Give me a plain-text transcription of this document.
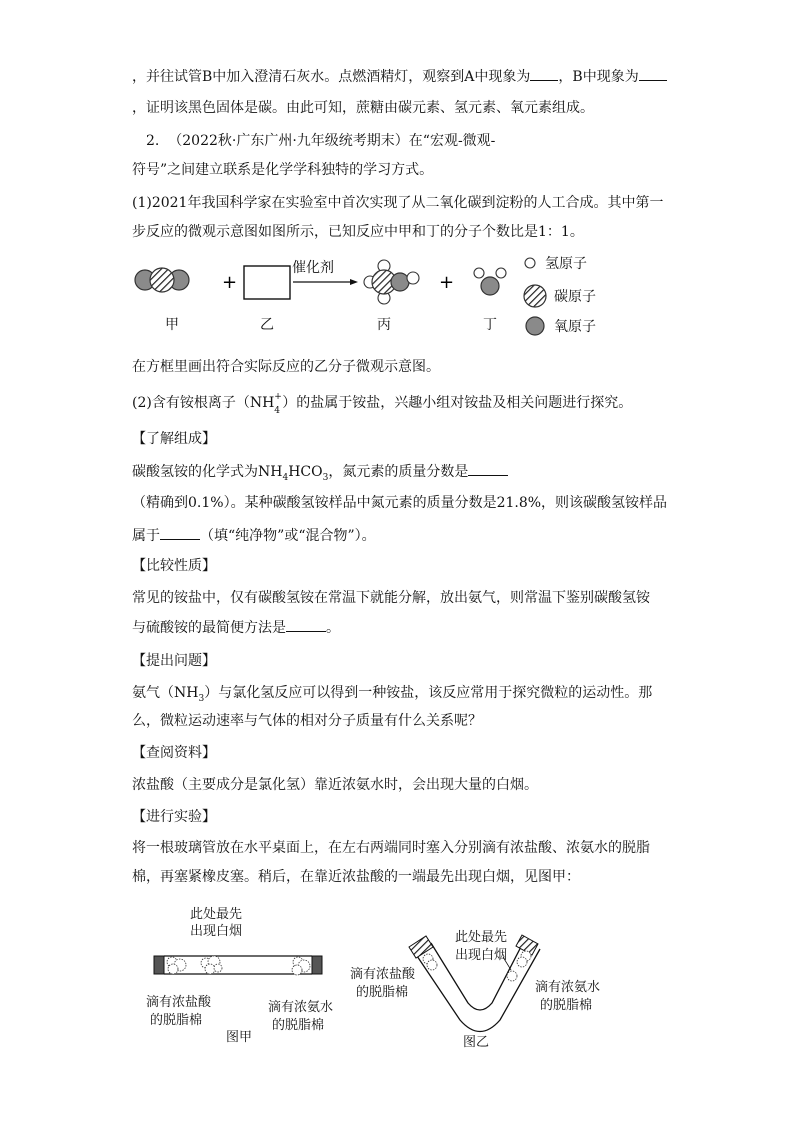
，并往试管B中加入澄清石灰水。点燃酒精灯，观察到A中现象为 ，B中现象为
，证明该黑色固体是碳。由此可知，蔗糖由碳元素、氢元素、氧元素组成。
2. （2022秋·广东广州·九年级统考期末）在“宏观-微观-
符号”之间建立联系是化学学科独特的学习方式。
(1)2021年我国科学家在实验室中首次实现了从二氧化碳到淀粉的人工合成。其中第一
步反应的微观示意图如图所示，已知反应中甲和丁的分子个数比是1：1。
+	+
催化剂	氢原子
碳原子
氧原子
甲	乙	丙	丁
在方框里画出符合实际反应的乙分子微观示意图。
(2)含有铵根离子（NH +
4 ）的盐属于铵盐，兴趣小组对铵盐及相关问题进行探究。
【了解组成】
碳酸氢铵的化学式为$NH_4HCO_3$，氮元素的质量分数是
（精确到0.1%）。某种碳酸氢铵样品中氮元素的质量分数是21.8%，则该碳酸氢铵样品
属于	（填“纯净物”或“混合物”）。
【比较性质】
常见的铵盐中，仅有碳酸氢铵在常温下就能分解，放出氨气，则常温下鉴别碳酸氢铵
与硫酸铵的最简便方法是	。
【提出问题】
氨气$(NH_3)$与氯化氢反应可以得到一种铵盐，该反应常用于探究微粒的运动性。那
么，微粒运动速率与气体的相对分子质量有什么关系呢？
【查阅资料】
浓盐酸（主要成分是氯化氢）靠近浓氨水时，会出现大量的白烟。
【进行实验】
将一根玻璃管放在水平桌面上，在左右两端同时塞入分别滴有浓盐酸、浓氨水的脱脂
棉，再塞紧橡皮塞。稍后，在靠近浓盐酸的一端最先出现白烟，见图甲：
此处最先
出现白烟
滴有浓盐酸
的脱脂棉
滴有浓氨水
的脱脂棉
图甲
此处最先
出现白烟
滴有浓盐酸
的脱脂棉	滴有浓氨水
的脱脂棉
图乙
